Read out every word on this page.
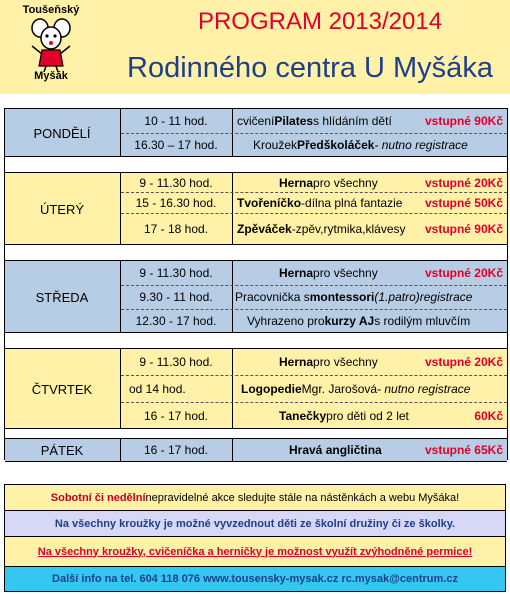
Toušeňský
Myšák
PROGRAM 2013/2014
Rodinného centra U Myšáka
PONDĚLÍ
10 - 11 hod.	cvičení Pilates s hlídáním dětí	vstupné 90Kč
16.30 – 17 hod.	Kroužek Předškoláček - nutno registrace
ÚTERÝ
9 - 11.30 hod.	Herna pro všechny	vstupné 20Kč
15 - 16.30 hod.	Tvořeníčko -dílna plná fantazie vstupné 50Kč
17 - 18 hod.	Zpěváček -zpěv,rytmika,klávesy vstupné 90Kč
STŘEDA
9 - 11.30 hod.	Herna pro všechny	vstupné 20Kč
9.30 - 11 hod.	Pracovnička s montessori (1.patro) registrace
12.30 - 17 hod.	Vyhrazeno pro kurzy AJ s rodilým mluvčím
ČTVRTEK
9 - 11.30 hod.	Herna pro všechny	vstupné 20Kč
od 14 hod.	Logopedie Mgr. Jarošová - nutno registrace
16 - 17 hod.	Tanečky pro děti od 2 let	60Kč
PÁTEK	16 - 17 hod.	Hravá angličtina	vstupné 65Kč
Sobotní či nedělní nepravidelné akce sledujte stále na nástěnkách a webu Myšáka!
Na všechny kroužky je možné vyvzednout děti ze školní družiny či ze školky.
Na všechny kroužky, cvičeníčka a herničky je možnost využít zvýhodněné permice!
Další info na tel. 604 118 076 www.tousensky-mysak.cz rc.mysak@centrum.cz
